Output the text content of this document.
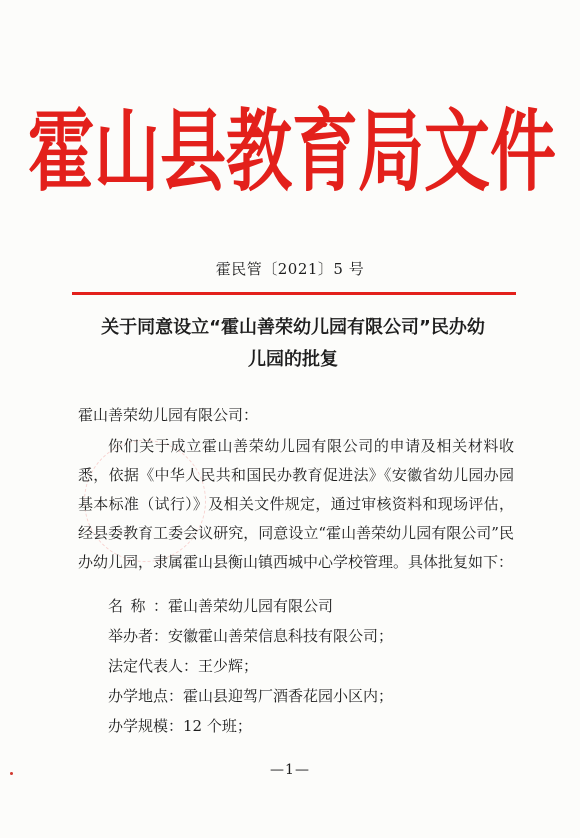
霍山县教育局文件
霍民管〔2021〕5 号
关于同意设立“霍山善荣幼儿园有限公司”民办幼
儿园的批复
霍山善荣幼儿园有限公司：
你们关于成立霍山善荣幼儿园有限公司的申请及相关材料收悉，依据《中华人民共和国民办教育促进法》《安徽省幼儿园办园基本标准（试行）》及相关文件规定，通过审核资料和现场评估，经县委教育工委会议研究，同意设立“霍山善荣幼儿园有限公司”民办幼儿园，隶属霍山县衡山镇西城中心学校管理。具体批复如下：
名称：霍山善荣幼儿园有限公司
举办者：安徽霍山善荣信息科技有限公司；
法定代表人：王少辉；
办学地点：霍山县迎驾厂酒香花园小区内；
办学规模：12 个班；
—1—
